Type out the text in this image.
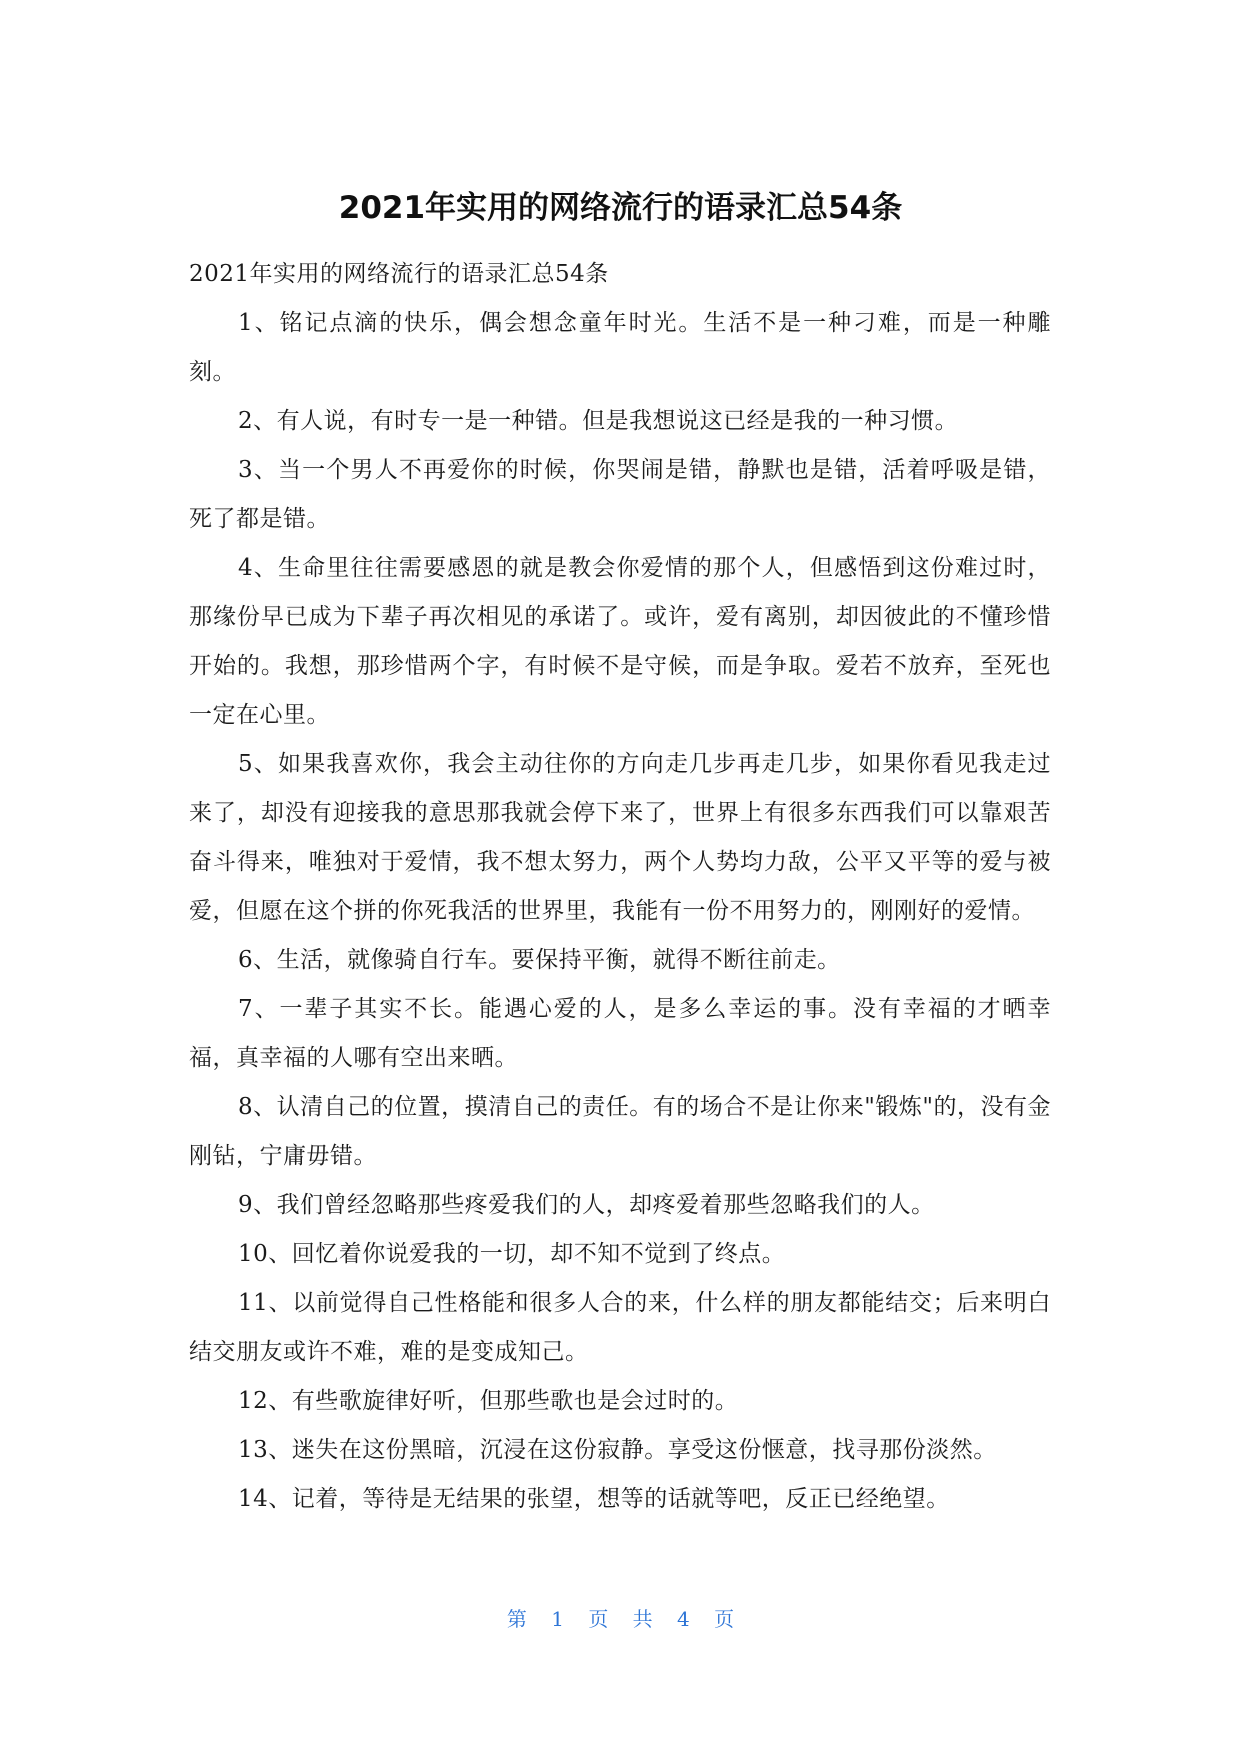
2021年实用的网络流行的语录汇总54条

2021年实用的网络流行的语录汇总54条

1、铭记点滴的快乐，偶会想念童年时光。生活不是一种刁难，而是一种雕刻。

2、有人说，有时专一是一种错。但是我想说这已经是我的一种习惯。

3、当一个男人不再爱你的时候，你哭闹是错，静默也是错，活着呼吸是错，死了都是错。

4、生命里往往需要感恩的就是教会你爱情的那个人，但感悟到这份难过时，那缘份早已成为下辈子再次相见的承诺了。或许，爱有离别，却因彼此的不懂珍惜开始的。我想，那珍惜两个字，有时候不是守候，而是争取。爱若不放弃，至死也一定在心里。

5、如果我喜欢你，我会主动往你的方向走几步再走几步，如果你看见我走过来了，却没有迎接我的意思那我就会停下来了，世界上有很多东西我们可以靠艰苦奋斗得来，唯独对于爱情，我不想太努力，两个人势均力敌，公平又平等的爱与被爱，但愿在这个拼的你死我活的世界里，我能有一份不用努力的，刚刚好的爱情。

6、生活，就像骑自行车。要保持平衡，就得不断往前走。

7、一辈子其实不长。能遇心爱的人，是多么幸运的事。没有幸福的才晒幸福，真幸福的人哪有空出来晒。

8、认清自己的位置，摸清自己的责任。有的场合不是让你来"锻炼"的，没有金刚钻，宁庸毋错。

9、我们曾经忽略那些疼爱我们的人，却疼爱着那些忽略我们的人。

10、回忆着你说爱我的一切，却不知不觉到了终点。

11、以前觉得自己性格能和很多人合的来，什么样的朋友都能结交；后来明白结交朋友或许不难，难的是变成知己。

12、有些歌旋律好听，但那些歌也是会过时的。

13、迷失在这份黑暗，沉浸在这份寂静。享受这份惬意，找寻那份淡然。

14、记着，等待是无结果的张望，想等的话就等吧，反正已经绝望。

第 1 页 共 4 页
